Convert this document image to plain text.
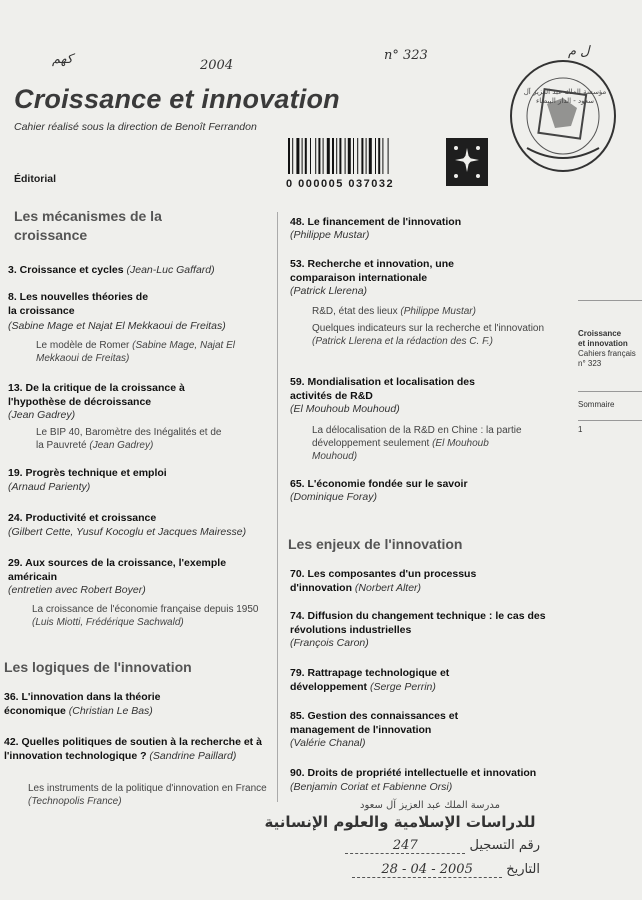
كهم	2004
n° 323	ل م
Croissance et innovation
Cahier réalisé sous la direction de Benoît Ferrandon
0 000005 037032
مؤسسة الملك عبد العزيز آل سعود - الدار البيضاء
Éditorial
Les mécanismes de la croissance
3. Croissance et cycles (Jean-Luc Gaffard)
8. Les nouvelles théories de la croissance
(Sabine Mage et Najat El Mekkaoui de Freitas)
Le modèle de Romer (Sabine Mage, Najat El Mekkaoui de Freitas)
13. De la critique de la croissance à l'hypothèse de décroissance
(Jean Gadrey)
Le BIP 40, Baromètre des Inégalités et de la Pauvreté (Jean Gadrey)
19. Progrès technique et emploi
(Arnaud Parienty)
24. Productivité et croissance
(Gilbert Cette, Yusuf Kocoglu et Jacques Mairesse)
29. Aux sources de la croissance, l'exemple américain
(entretien avec Robert Boyer)
La croissance de l'économie française depuis 1950 (Luis Miotti, Frédérique Sachwald)
Les logiques de l'innovation
36. L'innovation dans la théorie économique (Christian Le Bas)
42. Quelles politiques de soutien à la recherche et à l'innovation technologique ? (Sandrine Paillard)
Les instruments de la politique d'innovation en France (Technopolis France)
48. Le financement de l'innovation
(Philippe Mustar)
53. Recherche et innovation, une comparaison internationale
(Patrick Llerena)
R&D, état des lieux (Philippe Mustar)
Quelques indicateurs sur la recherche et l'innovation (Patrick Llerena et la rédaction des C. F.)
59. Mondialisation et localisation des activités de R&D
(El Mouhoub Mouhoud)
La délocalisation de la R&D en Chine : la partie développement seulement (El Mouhoub Mouhoud)
65. L'économie fondée sur le savoir
(Dominique Foray)
Les enjeux de l'innovation
70. Les composantes d'un processus d'innovation (Norbert Alter)
74. Diffusion du changement technique : le cas des révolutions industrielles
(François Caron)
79. Rattrapage technologique et développement (Serge Perrin)
85. Gestion des connaissances et management de l'innovation
(Valérie Chanal)
90. Droits de propriété intellectuelle et innovation (Benjamin Coriat et Fabienne Orsi)
Croissance
et innovation
Cahiers français
n° 323
Sommaire
1
مدرسة الملك عبد العزيز آل سعود
للدراسات الإسلامية والعلوم الإنسانية
رقم التسجيل 247
التاريخ 28 - 04 - 2005
